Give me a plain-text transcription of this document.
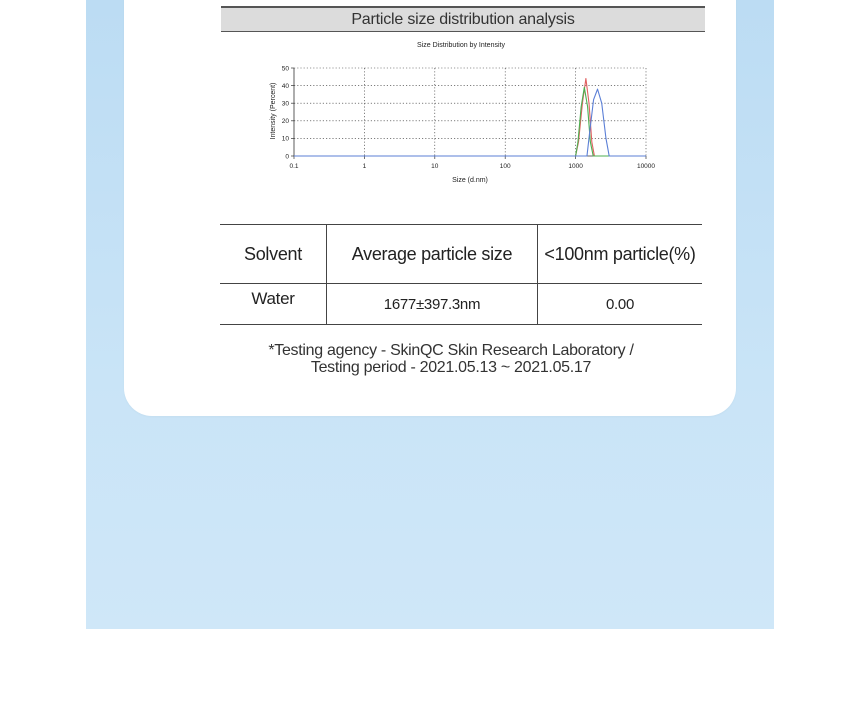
Particle size distribution analysis
Size Distribution by Intensity
0
10
20
30
40
50
0.1	1	10	100	1000	10000
Size (d.nm)
Intensity (Percent)
Solvent	Average particle size	<100nm particle(%)
Water	1677±397.3nm	0.00
*Testing agency - SkinQC Skin Research Laboratory /
Testing period - 2021.05.13 ~ 2021.05.17
